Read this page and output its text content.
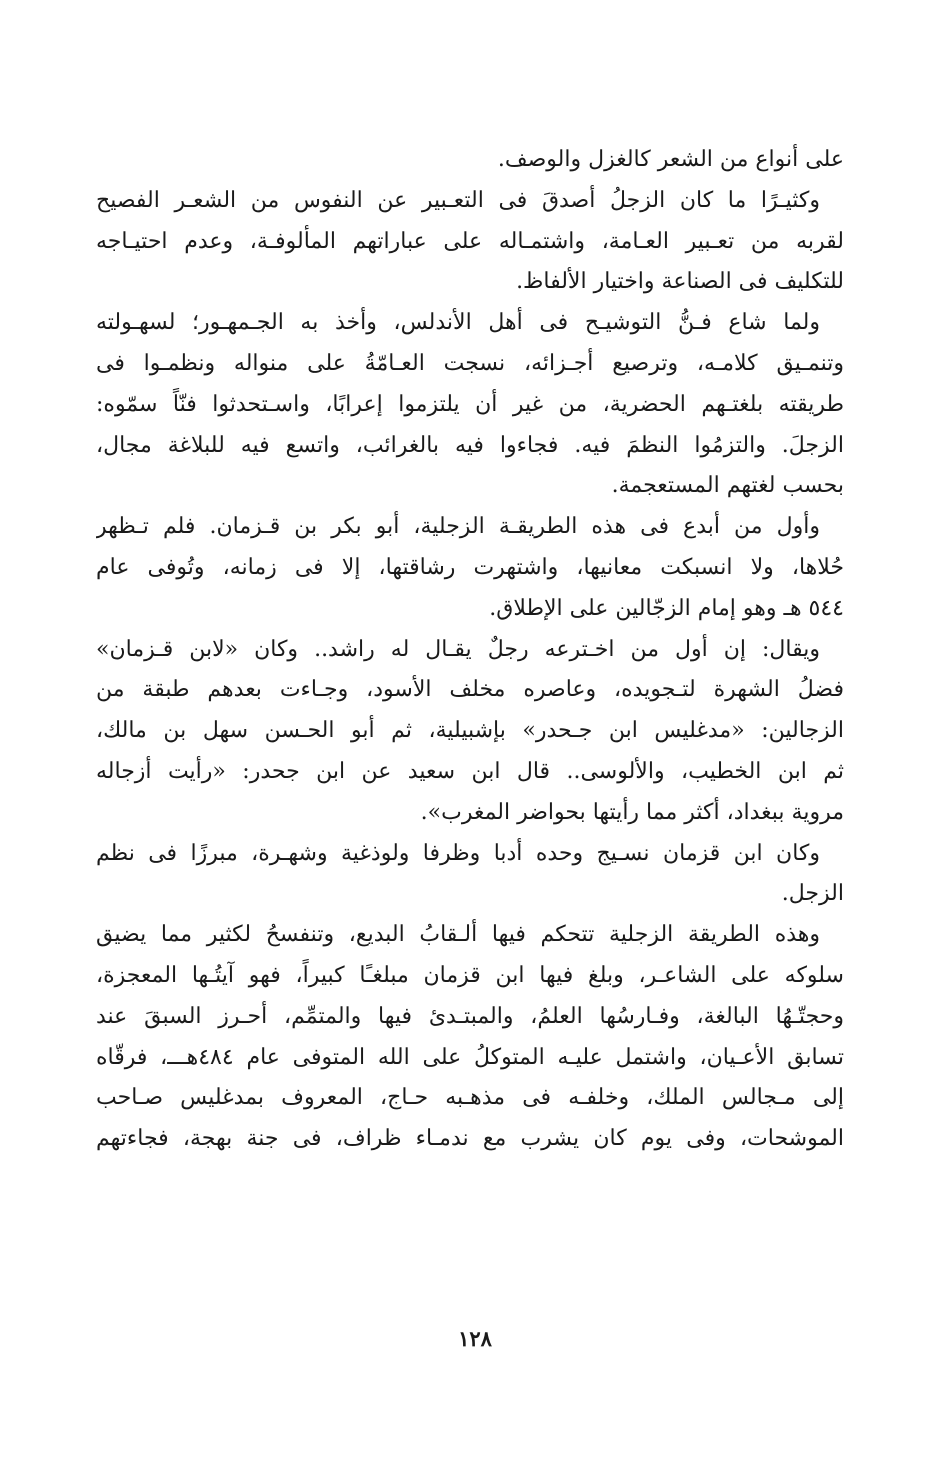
على أنواع من الشعر كالغزل والوصف.
وكثيـرًا ما كان الزجلُ أصدقَ فى التعـبير عن النفوس من الشعـر الفصيح
لقربه من تعـبير العـامة، واشتمـاله على عباراتهم المألوفـة، وعدم احتيـاجه
للتكليف فى الصناعة واختيار الألفاظ.
ولما شاع فـنُّ التوشيـح فى أهل الأندلس، وأخذ به الجـمهـور؛ لسهـولته
وتنمـيق كلامـه، وترصيع أجـزائه، نسجت العـامّةُ على منواله ونظمـوا فى
طريقته بلغتـهم الحضرية، من غير أن يلتزموا إعرابًا، واسـتحدثوا فنّاً سمّوه:
الزجلَ. والتزمُوا النظمَ فيه. فجاءوا فيه بالغرائب، واتسع فيه للبلاغة مجال،
بحسب لغتهم المستعجمة.
وأول من أبدع فى هذه الطريقـة الزجلية، أبو بكر بن قـزمان. فلم تـظهر
حُلاها، ولا انسبكت معانيها، واشتهرت رشاقتها، إلا فى زمانه، وتُوفى عام
٥٤٤ هـ وهو إمام الزجّالين على الإطلاق.
ويقال: إن أول من اخـترعه رجلٌ يقـال له راشد.. وكان «لابن قـزمان»
فضلُ الشهرة لتـجويده، وعاصره مخلف الأسود، وجـاءت بعدهم طبقة من
الزجالين: «مدغليس ابن جـحدر» بإشبيلية، ثم أبو الحـسن سهل بن مالك،
ثم ابن الخطيب، والألوسى.. قال ابن سعيد عن ابن جحدر: «رأيت أزجاله
مروية ببغداد، أكثر مما رأيتها بحواضر المغرب».
وكان ابن قزمان نسـيج وحده أدبا وظرفا ولوذغية وشهـرة، مبرزًا فى نظم
الزجل.
وهذه الطريقة الزجلية تتحكم فيها ألـقابُ البديع، وتنفسحُ لكثير مما يضيق
سلوكه على الشاعـر، وبلغ فيها ابن قزمان مبلغـًا كبيراً، فهو آيتُـها المعجزة،
وحجتّـهُا البالغة، وفـارسُها العلمُ، والمبتـدئ فيها والمتمِّم، أحـرز السبقَ عند
تسابق الأعـيان، واشتمل عليـه المتوكلُ على الله المتوفى عام ٤٨٤هـــ، فرقّاه
إلى مـجالس الملك، وخلفـه فى مذهـبه حـاج، المعروف بمدغليس صـاحب
الموشحات، وفى يوم كان يشرب مع ندمـاء ظراف، فى جنة بهجة، فجاءتهم
١٢٨
